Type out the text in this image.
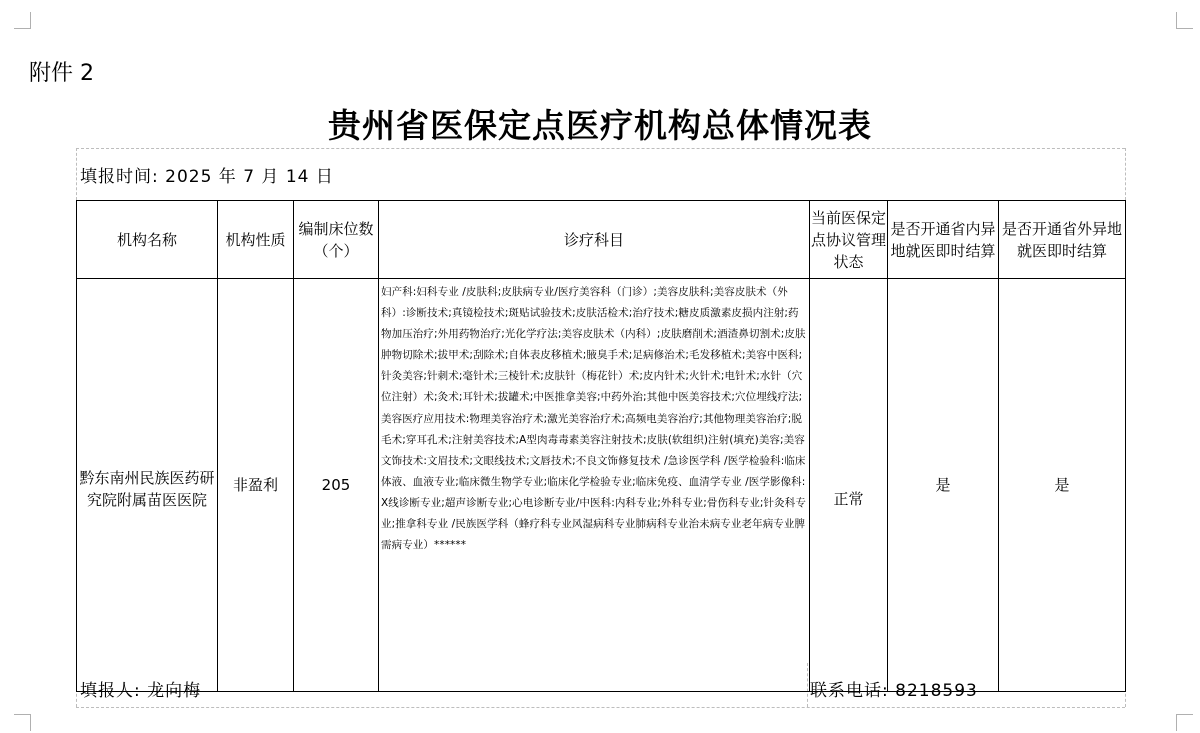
附件 2
贵州省医保定点医疗机构总体情况表
填报时间: 2025 年 7 月 14 日
机构名称	机构性质	编制床位数（个）	诊疗科目	当前医保定点协议管理状态	是否开通省内异地就医即时结算	是否开通省外异地就医即时结算
黔东南州民族医药研究院附属苗医医院	非盈利	205	妇产科:妇科专业 /皮肤科;皮肤病专业/医疗美容科（门诊）;美容皮肤科;美容皮肤术（外科）:诊断技术;真镜检技术;斑贴试验技术;皮肤活检术;治疗技术;糖皮质激素皮损内注射;药物加压治疗;外用药物治疗;光化学疗法;美容皮肤术（内科）;皮肤磨削术;酒渣鼻切割术;皮肤肿物切除术;拔甲术;刮除术;自体表皮移植术;腋臭手术;足病修治术;毛发移植术;美容中医科;针灸美容;针刺术;毫针术;三棱针术;皮肤针（梅花针）术;皮内针术;火针术;电针术;水针（穴位注射）术;灸术;耳针术;拔罐术;中医推拿美容;中药外治;其他中医美容技术;穴位埋线疗法;美容医疗应用技术:物理美容治疗术;激光美容治疗术;高频电美容治疗;其他物理美容治疗;脱毛术;穿耳孔术;注射美容技术;A型肉毒毒素美容注射技术;皮肤(软组织)注射(填充)美容;美容文饰技术:文眉技术;文眼线技术;文唇技术;不良文饰修复技术 /急诊医学科 /医学检验科:临床体液、血液专业;临床微生物学专业;临床化学检验专业;临床免疫、血清学专业 /医学影像科:X线诊断专业;超声诊断专业;心电诊断专业/中医科:内科专业;外科专业;骨伤科专业;针灸科专业;推拿科专业 /民族医学科（蜂疗科专业风湿病科专业肺病科专业治未病专业老年病专业脾需病专业）******	正常	是	是
填报人: 龙向梅	联系电话: 8218593
